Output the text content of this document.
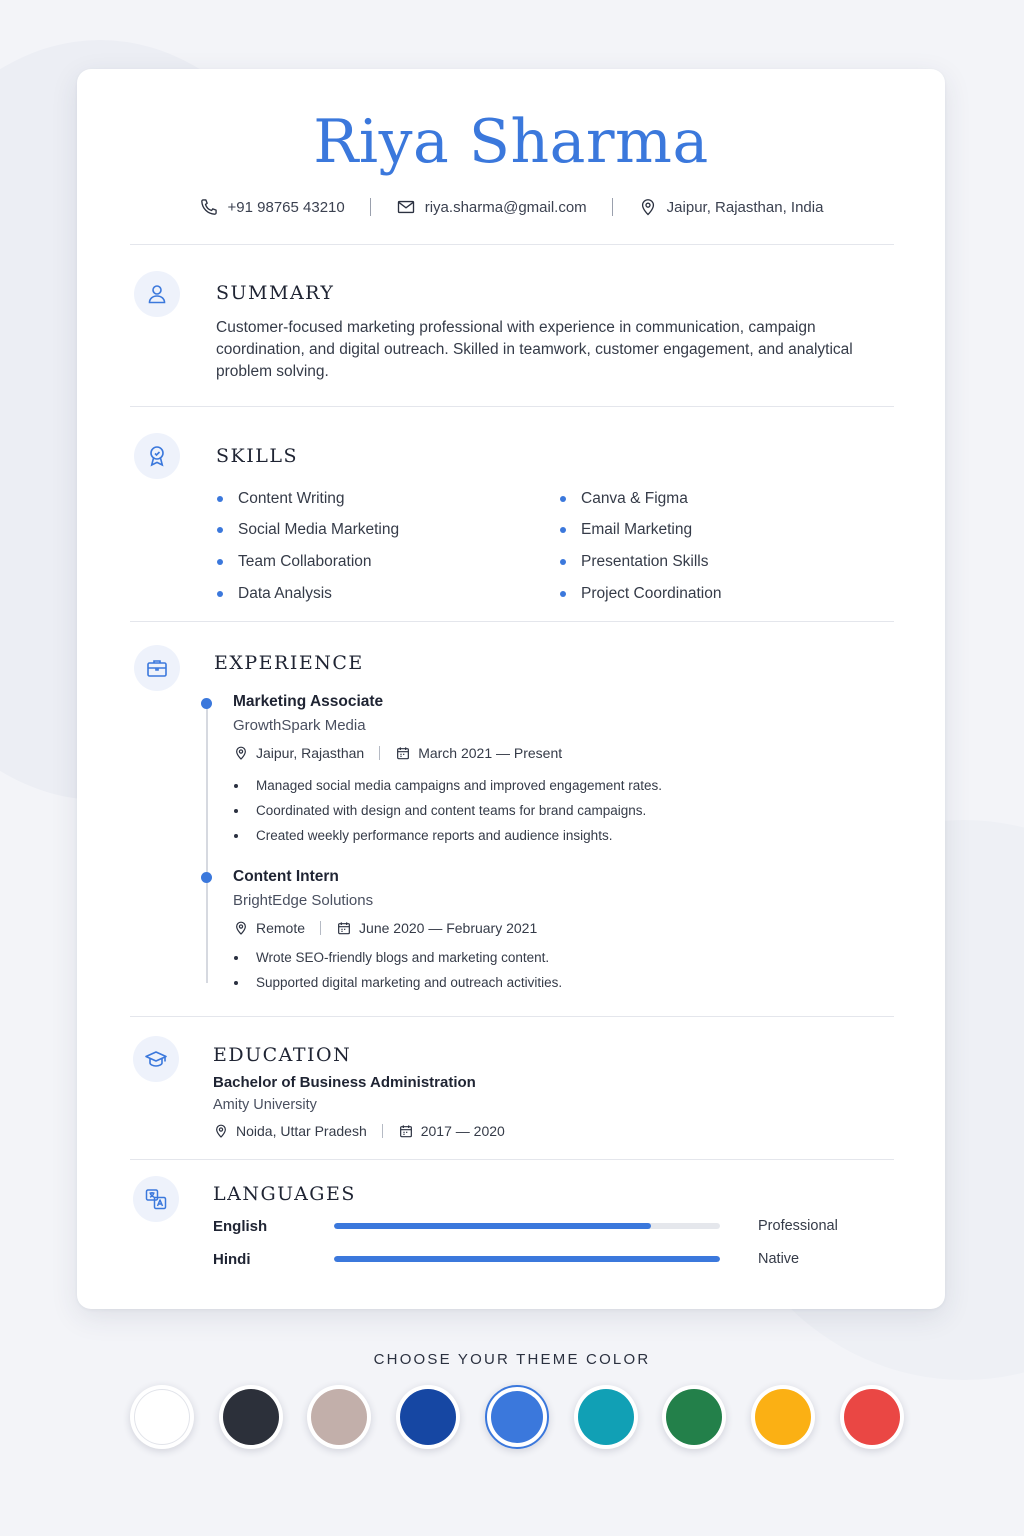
Riya Sharma
+91 98765 43210	riya.sharma@gmail.com	Jaipur, Rajasthan, India
SUMMARY
Customer-focused marketing professional with experience in communication, campaign coordination, and digital outreach. Skilled in teamwork, customer engagement, and analytical problem solving.
SKILLS
Content Writing
Social Media Marketing
Team Collaboration
Data Analysis
Canva & Figma
Email Marketing
Presentation Skills
Project Coordination
EXPERIENCE
Marketing Associate
GrowthSpark Media
Jaipur, Rajasthan	March 2021 — Present
Managed social media campaigns and improved engagement rates.
Coordinated with design and content teams for brand campaigns.
Created weekly performance reports and audience insights.
Content Intern
BrightEdge Solutions
Remote	June 2020 — February 2021
Wrote SEO-friendly blogs and marketing content.
Supported digital marketing and outreach activities.
EDUCATION
Bachelor of Business Administration
Amity University
Noida, Uttar Pradesh	2017 — 2020
LANGUAGES
English	Professional
Hindi	Native
CHOOSE YOUR THEME COLOR
